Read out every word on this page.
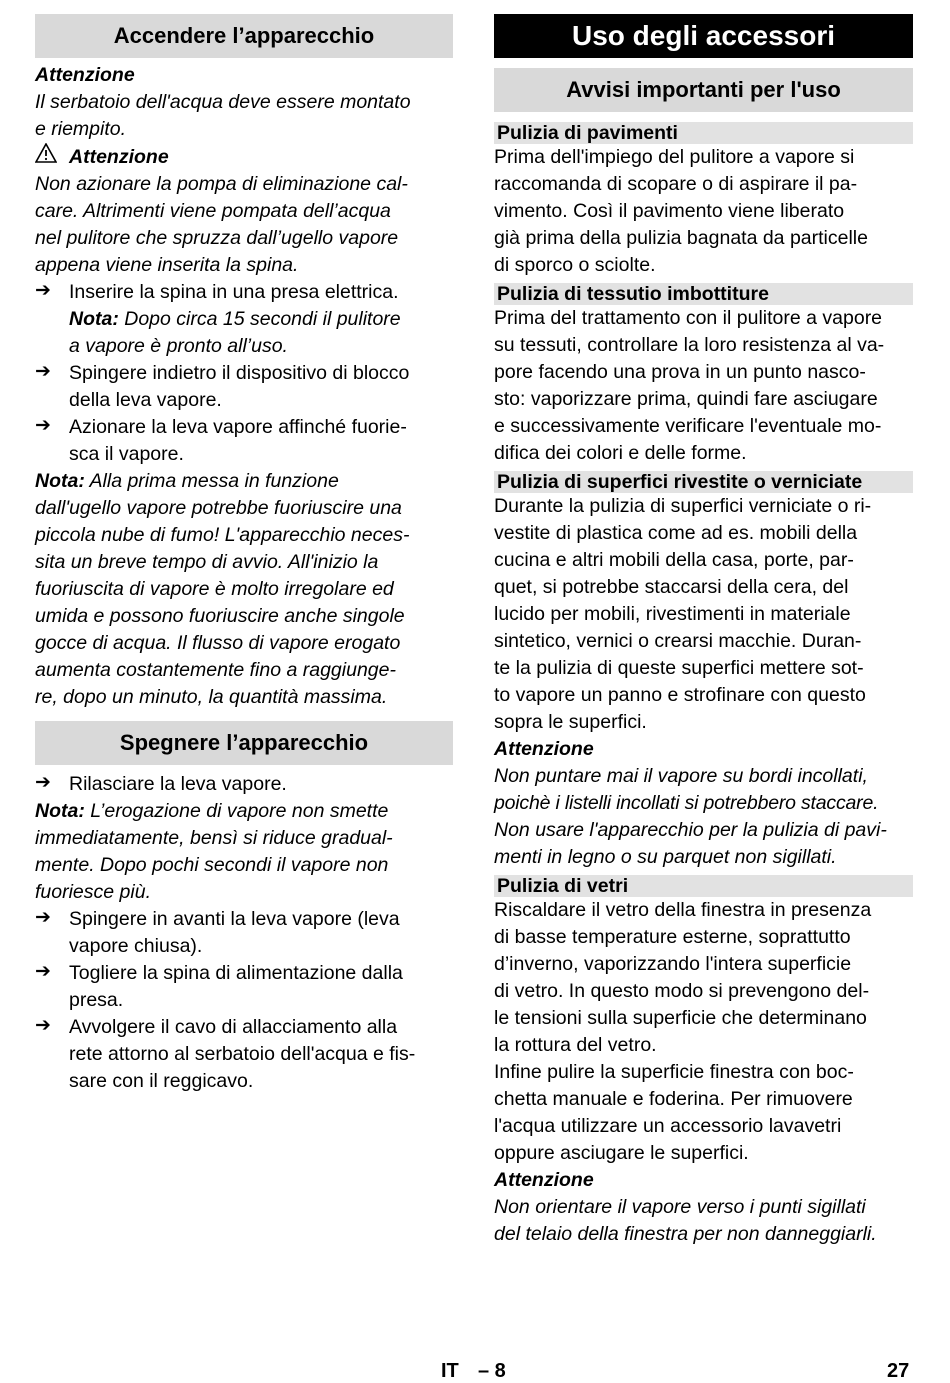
Accendere l’apparecchio

Attenzione

Il serbatoio dell'acqua deve essere montato

e riempito.

Attenzione

Non azionare la pompa di eliminazione cal-

care. Altrimenti viene pompata dell’acqua

nel pulitore che spruzza dall’ugello vapore

appena viene inserita la spina.

➔ Inserire la spina in una presa elettrica.

Nota: Dopo circa 15 secondi il pulitore

a vapore è pronto all’uso.

➔ Spingere indietro il dispositivo di blocco

della leva vapore.

➔ Azionare la leva vapore affinché fuorie-

sca il vapore.

Nota: Alla prima messa in funzione

dall'ugello vapore potrebbe fuoriuscire una

piccola nube di fumo! L'apparecchio neces-

sita un breve tempo di avvio. All'inizio la

fuoriuscita di vapore è molto irregolare ed

umida e possono fuoriuscire anche singole

gocce di acqua. Il flusso di vapore erogato

aumenta costantemente fino a raggiunge-

re, dopo un minuto, la quantità massima.

Spegnere l’apparecchio
➔ Rilasciare la leva vapore.

Nota: L’erogazione di vapore non smette

immediatamente, bensì si riduce gradual-

mente. Dopo pochi secondi il vapore non

fuoriesce più.

➔ Spingere in avanti la leva vapore (leva

vapore chiusa).

➔ Togliere la spina di alimentazione dalla

presa.

➔ Avvolgere il cavo di allacciamento alla

rete attorno al serbatoio dell'acqua e fis-

sare con il reggicavo.

Uso degli accessori
Avvisi importanti per l'uso
Pulizia di pavimenti

Prima dell'impiego del pulitore a vapore si

raccomanda di scopare o di aspirare il pa-

vimento. Così il pavimento viene liberato

già prima della pulizia bagnata da particelle

di sporco o sciolte.

Pulizia di tessutio imbottiture

Prima del trattamento con il pulitore a vapore

su tessuti, controllare la loro resistenza al va-

pore facendo una prova in un punto nasco-

sto: vaporizzare prima, quindi fare asciugare

e successivamente verificare l'eventuale mo-

difica dei colori e delle forme.

Pulizia di superfici rivestite o verniciate

Durante la pulizia di superfici verniciate o ri-

vestite di plastica come ad es. mobili della

cucina e altri mobili della casa, porte, par-

quet, si potrebbe staccarsi della cera, del

lucido per mobili, rivestimenti in materiale

sintetico, vernici o crearsi macchie. Duran-

te la pulizia di queste superfici mettere sot-

to vapore un panno e strofinare con questo

sopra le superfici.

Attenzione

Non puntare mai il vapore su bordi incollati,

poichè i listelli incollati si potrebbero staccare.

Non usare l'apparecchio per la pulizia di pavi-

menti in legno o su parquet non sigillati.

Pulizia di vetri

Riscaldare il vetro della finestra in presenza

di basse temperature esterne, soprattutto

d’inverno, vaporizzando l'intera superficie

di vetro. In questo modo si prevengono del-

le tensioni sulla superficie che determinano

la rottura del vetro.

Infine pulire la superficie finestra con boc-

chetta manuale e foderina. Per rimuovere

l'acqua utilizzare un accessorio lavavetri

oppure asciugare le superfici.

Attenzione

Non orientare il vapore verso i punti sigillati

del telaio della finestra per non danneggiarli.

IT – 8	27
